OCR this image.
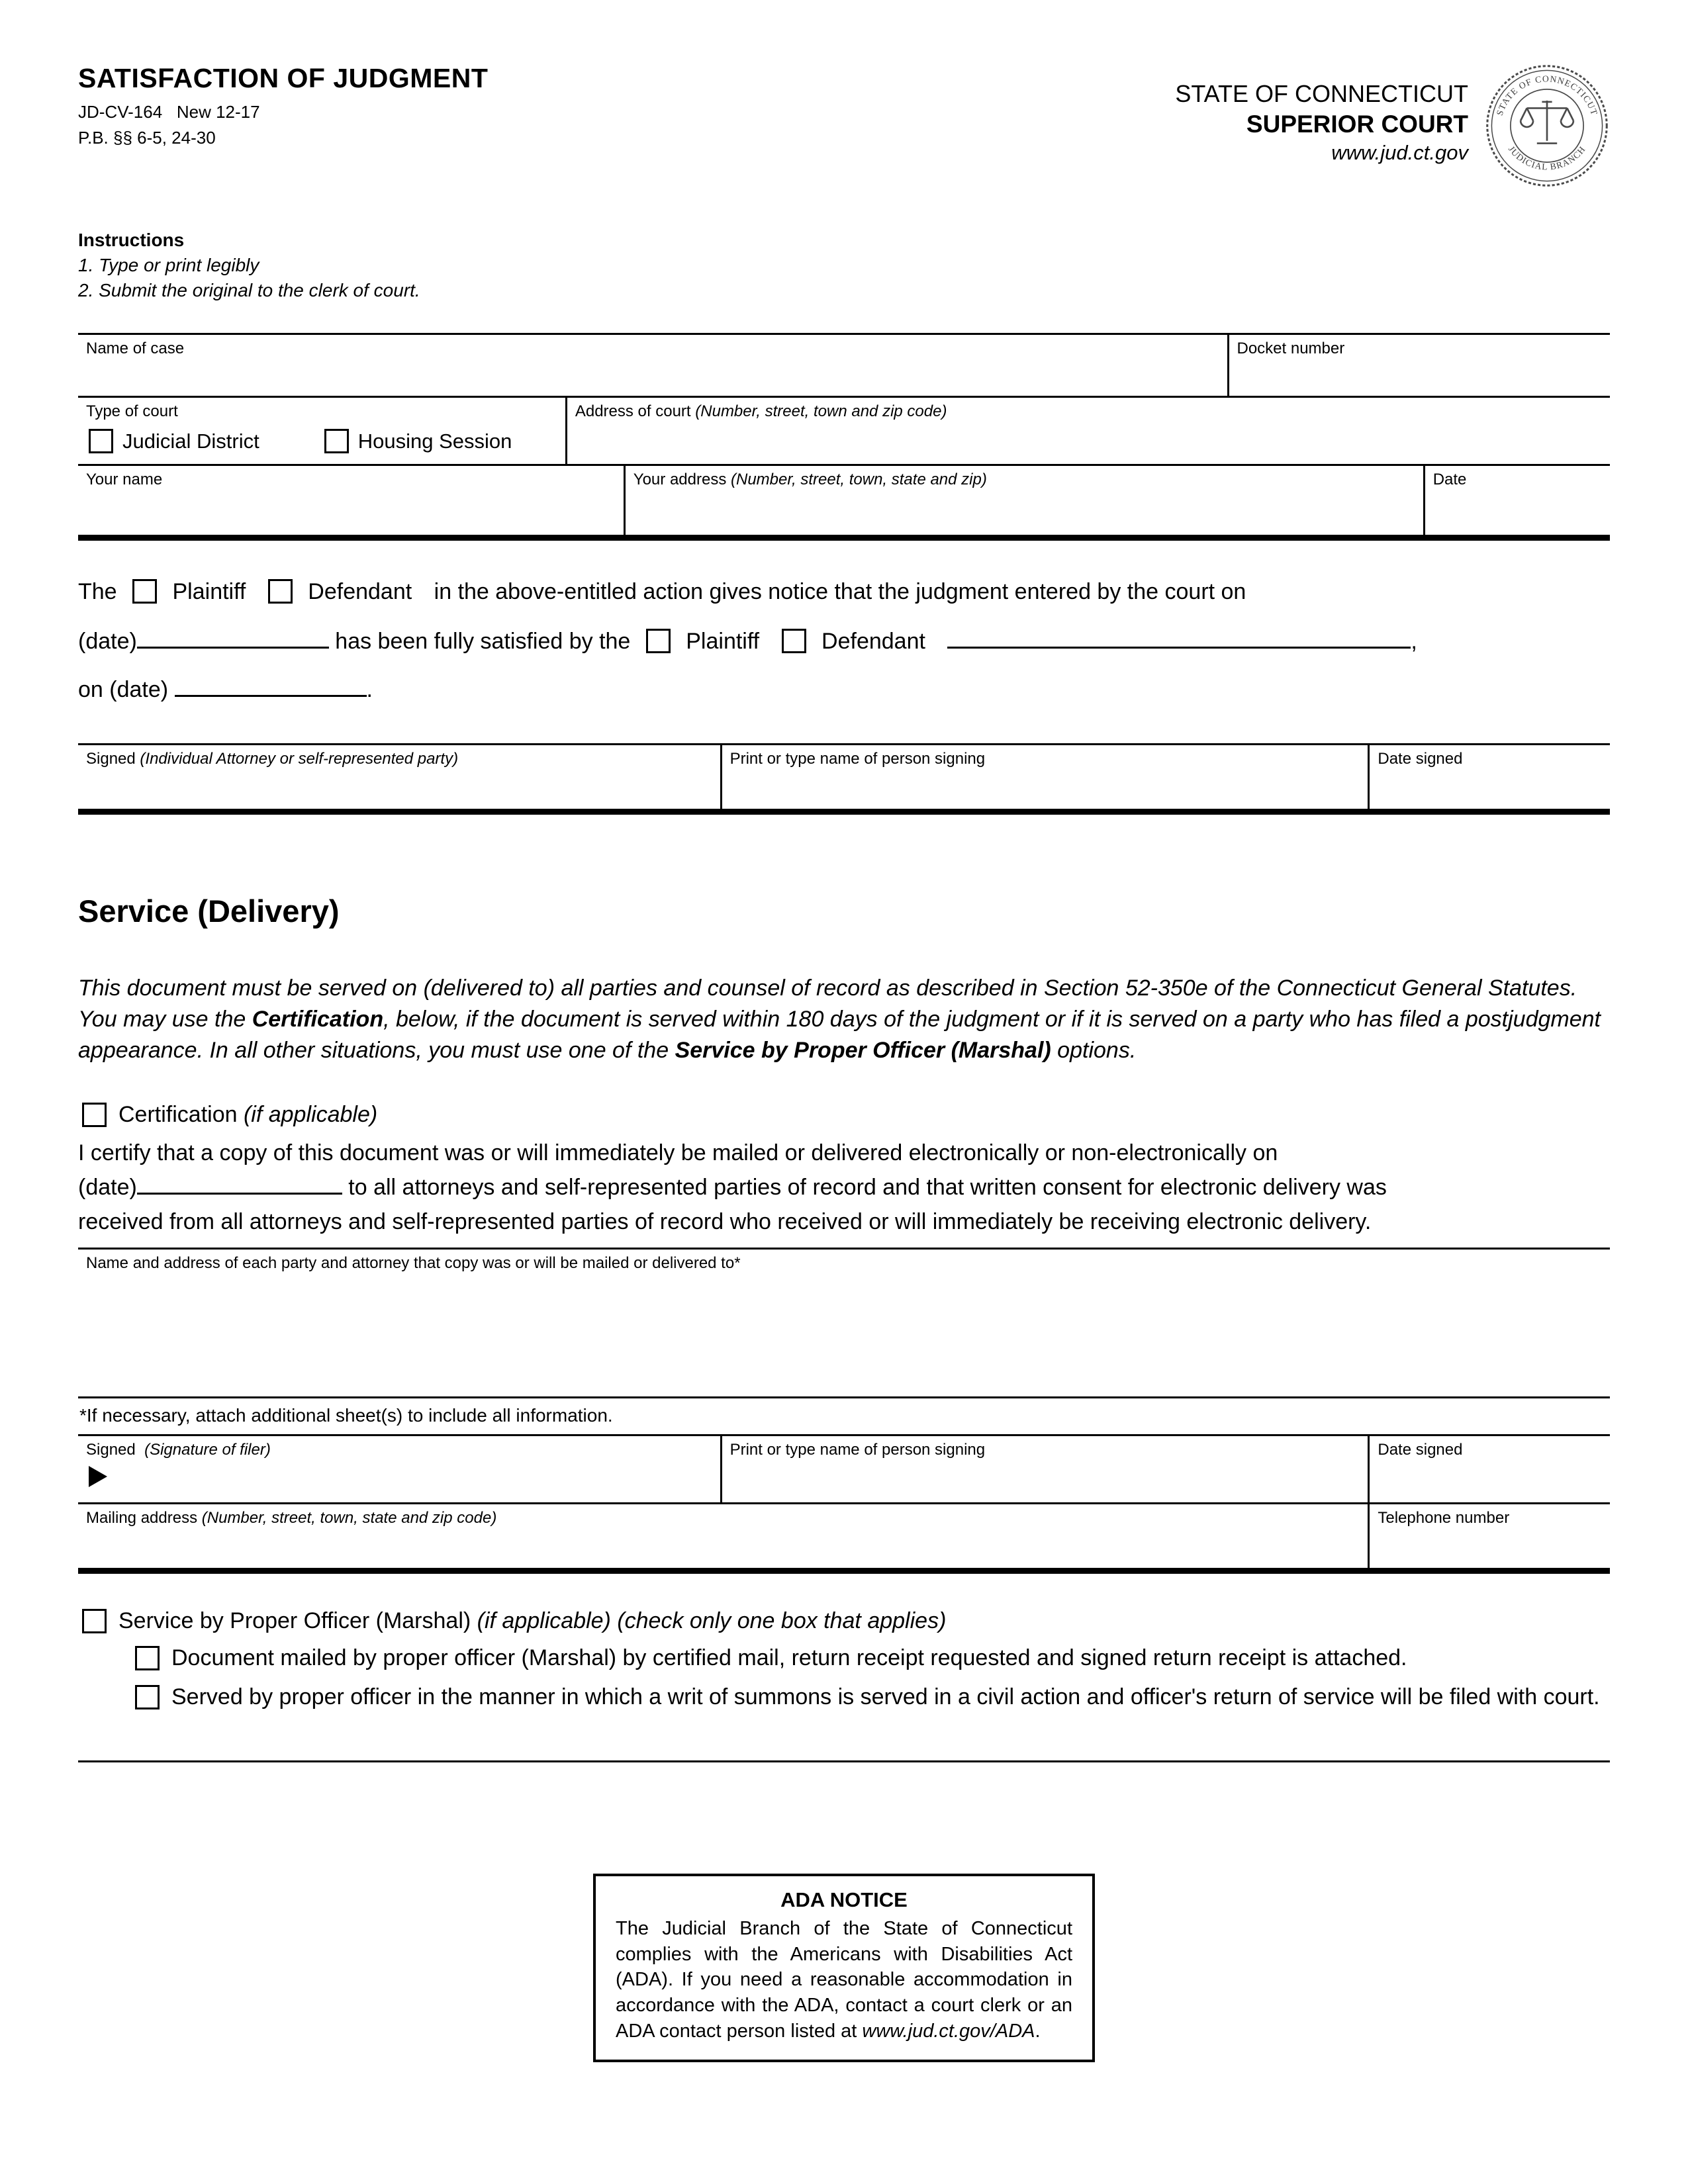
SATISFACTION OF JUDGMENT
JD-CV-164   New 12-17
P.B. §§ 6-5, 24-30
STATE OF CONNECTICUT
SUPERIOR COURT
www.jud.ct.gov
STATE OF CONNECTICUT
JUDICIAL BRANCH
Instructions
1. Type or print legibly
2. Submit the original to the clerk of court.
Name of case	Docket number
Type of court
Judicial District	Housing Session
Address of court (Number, street, town and zip code)
Your name	Your address (Number, street, town, state and zip)	Date
The Plaintiff	Defendant in the above-entitled action gives notice that the judgment entered by the court on
(date)	has been fully satisfied by the Plaintiff	Defendant	,
on (date)	.
Signed (Individual Attorney or self-represented party)	Print or type name of person signing	Date signed
Service (Delivery)
This document must be served on (delivered to) all parties and counsel of record as described in Section 52-350e of the Connecticut General Statutes. You may use the Certification, below, if the document is served within 180 days of the judgment or if it is served on a party who has filed a postjudgment appearance. In all other situations, you must use one of the Service by Proper Officer (Marshal) options.
Certification (if applicable)
I certify that a copy of this document was or will immediately be mailed or delivered electronically or non-electronically on
(date)	to all attorneys and self-represented parties of record and that written consent for electronic delivery was
received from all attorneys and self-represented parties of record who received or will immediately be receiving electronic delivery.
Name and address of each party and attorney that copy was or will be mailed or delivered to*
*If necessary, attach additional sheet(s) to include all information.
Signed (Signature of filer)	Print or type name of person signing	Date signed
Mailing address (Number, street, town, state and zip code)	Telephone number
Service by Proper Officer (Marshal) (if applicable) (check only one box that applies)
Document mailed by proper officer (Marshal) by certified mail, return receipt requested and signed return receipt is attached.
Served by proper officer in the manner in which a writ of summons is served in a civil action and officer's return of service will be filed with court.
ADA NOTICE
The Judicial Branch of the State of Connecticut complies with the Americans with Disabilities Act (ADA). If you need a reasonable accommodation in accordance with the ADA, contact a court clerk or an ADA contact person listed at www.jud.ct.gov/ADA.
